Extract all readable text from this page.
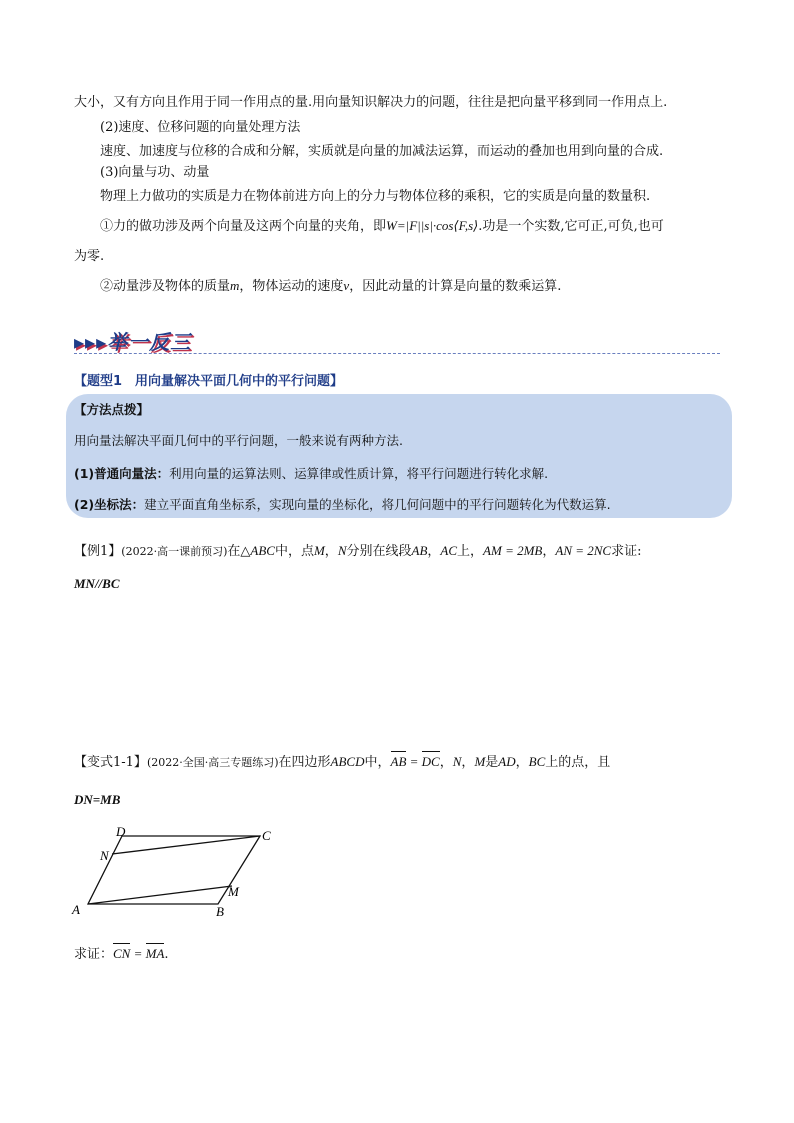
大小，又有方向且作用于同一作用点的量.用向量知识解决力的问题，往往是把向量平移到同一作用点上.
(2)速度、位移问题的向量处理方法
速度、加速度与位移的合成和分解，实质就是向量的加减法运算，而运动的叠加也用到向量的合成.
(3)向量与功、动量
物理上力做功的实质是力在物体前进方向上的分力与物体位移的乘积，它的实质是向量的数量积.
①力的做功涉及两个向量及这两个向量的夹角，即W=|F||s|·cos⟨F,s⟩.功是一个实数,它可正,可负,也可
为零.
②动量涉及物体的质量m，物体运动的速度v，因此动量的计算是向量的数乘运算.
▸▸▸举一反三
【题型1　用向量解决平面几何中的平行问题】
【方法点拨】
用向量法解决平面几何中的平行问题，一般来说有两种方法.
(1)普通向量法：利用向量的运算法则、运算律或性质计算，将平行问题进行转化求解.
(2)坐标法：建立平面直角坐标系，实现向量的坐标化，将几何问题中的平行问题转化为代数运算.
【例1】(2022·高一课前预习)在△ABC中，点M，N分别在线段AB，AC上，AM = 2MB，AN = 2NC求证:
MN//BC
【变式1-1】(2022·全国·高三专题练习)在四边形ABCD中，AB = DC，N，M是AD，BC上的点，且
DN=MB
A	B
C
D
M
N
求证：CN = MA.
